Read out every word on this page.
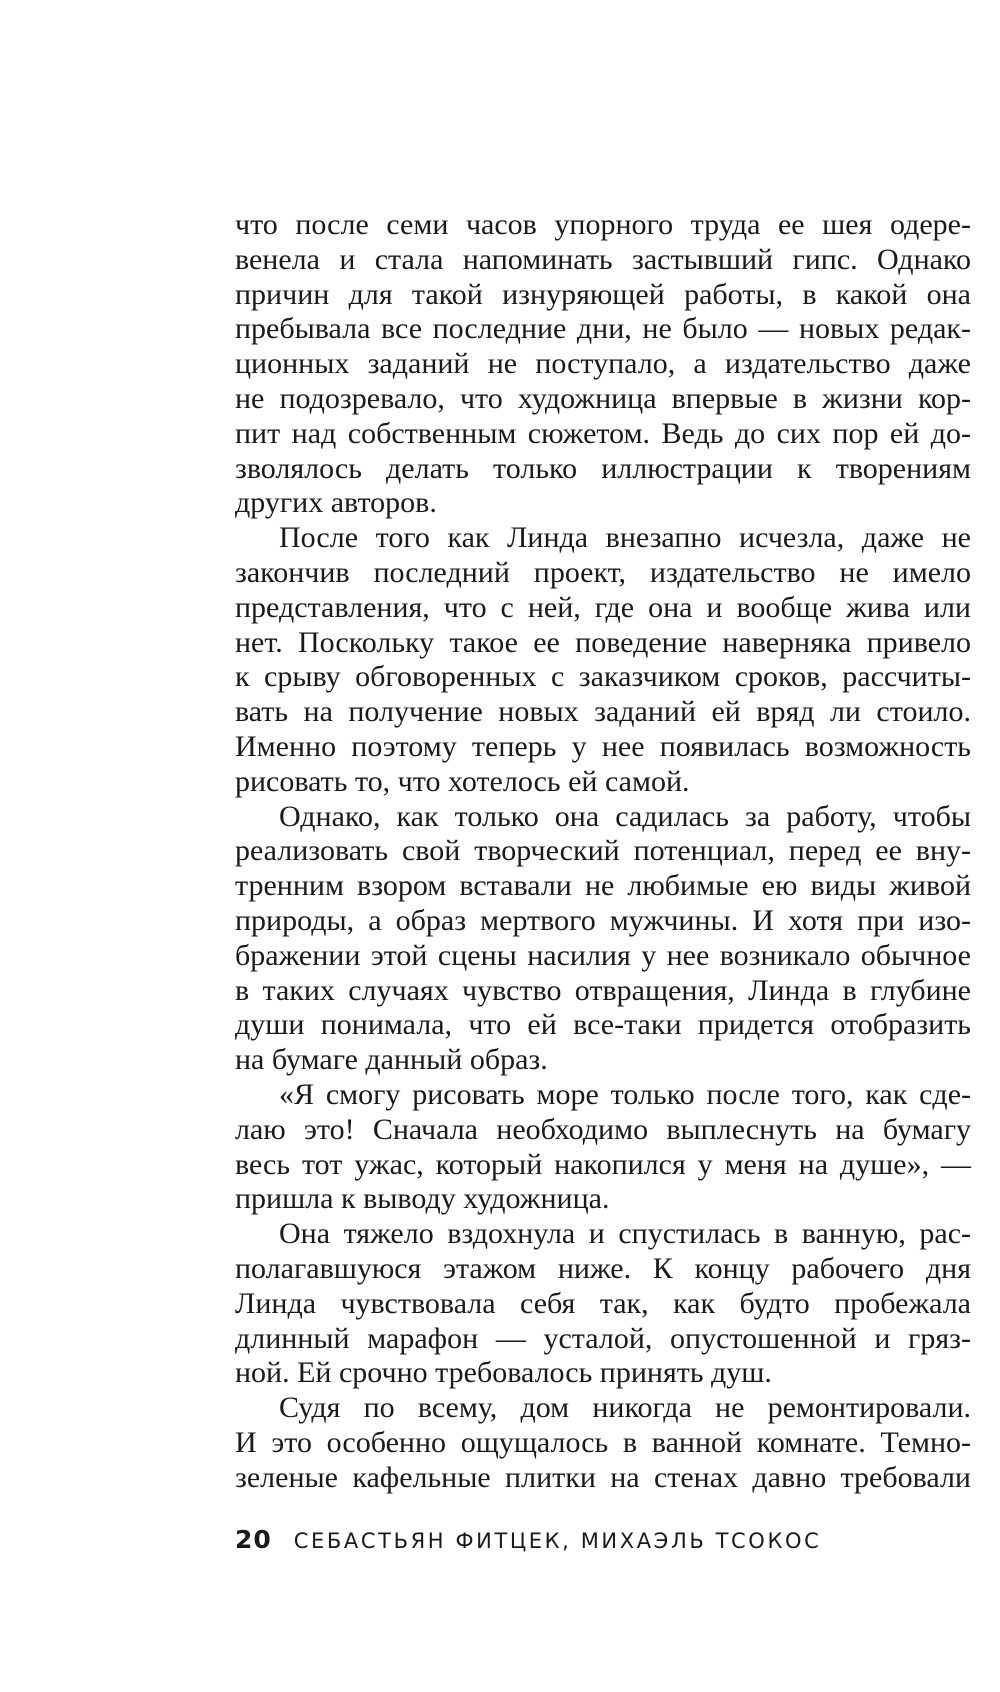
что после семи часов упорного труда ее шея одере-
венела и стала напоминать застывший гипс. Однако
причин для такой изнуряющей работы, в какой она
пребывала все последние дни, не было — новых редак-
ционных заданий не поступало, а издательство даже
не подозревало, что художница впервые в жизни кор-
пит над собственным сюжетом. Ведь до сих пор ей до-
зволялось делать только иллюстрации к творениям
других авторов.
После того как Линда внезапно исчезла, даже не
закончив последний проект, издательство не имело
представления, что с ней, где она и вообще жива или
нет. Поскольку такое ее поведение наверняка привело
к срыву обговоренных с заказчиком сроков, рассчиты-
вать на получение новых заданий ей вряд ли стоило.
Именно поэтому теперь у нее появилась возможность
рисовать то, что хотелось ей самой.
Однако, как только она садилась за работу, чтобы
реализовать свой творческий потенциал, перед ее вну-
тренним взором вставали не любимые ею виды живой
природы, а образ мертвого мужчины. И хотя при изо-
бражении этой сцены насилия у нее возникало обычное
в таких случаях чувство отвращения, Линда в глубине
души понимала, что ей все-таки придется отобразить
на бумаге данный образ.
«Я смогу рисовать море только после того, как сде-
лаю это! Сначала необходимо выплеснуть на бумагу
весь тот ужас, который накопился у меня на душе», —
пришла к выводу художница.
Она тяжело вздохнула и спустилась в ванную, рас-
полагавшуюся этажом ниже. К концу рабочего дня
Линда чувствовала себя так, как будто пробежала
длинный марафон — усталой, опустошенной и гряз-
ной. Ей срочно требовалось принять душ.
Судя по всему, дом никогда не ремонтировали.
И это особенно ощущалось в ванной комнате. Темно-
зеленые кафельные плитки на стенах давно требовали
20 СЕБАСТЬЯН ФИТЦЕК, МИХАЭЛЬ ТСОКОС
